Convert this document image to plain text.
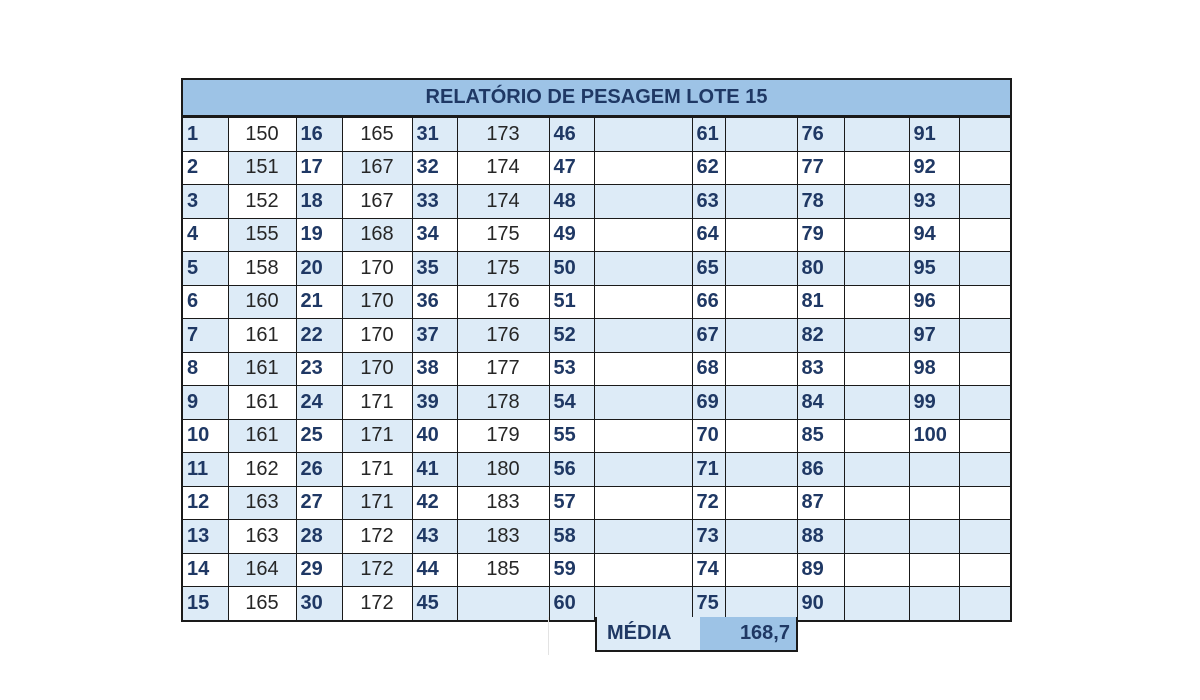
RELATÓRIO DE PESAGEM LOTE 15
1	150	16	165	31	173	46		61		76		91	
2	151	17	167	32	174	47		62		77		92	
3	152	18	167	33	174	48		63		78		93	
4	155	19	168	34	175	49		64		79		94	
5	158	20	170	35	175	50		65		80		95	
6	160	21	170	36	176	51		66		81		96	
7	161	22	170	37	176	52		67		82		97	
8	161	23	170	38	177	53		68		83		98	
9	161	24	171	39	178	54		69		84		99	
10	161	25	171	40	179	55		70		85		100	
11	162	26	171	41	180	56		71		86			
12	163	27	171	42	183	57		72		87			
13	163	28	172	43	183	58		73		88			
14	164	29	172	44	185	59		74		89			
15	165	30	172	45		60		75		90			
MÉDIA	168,7
